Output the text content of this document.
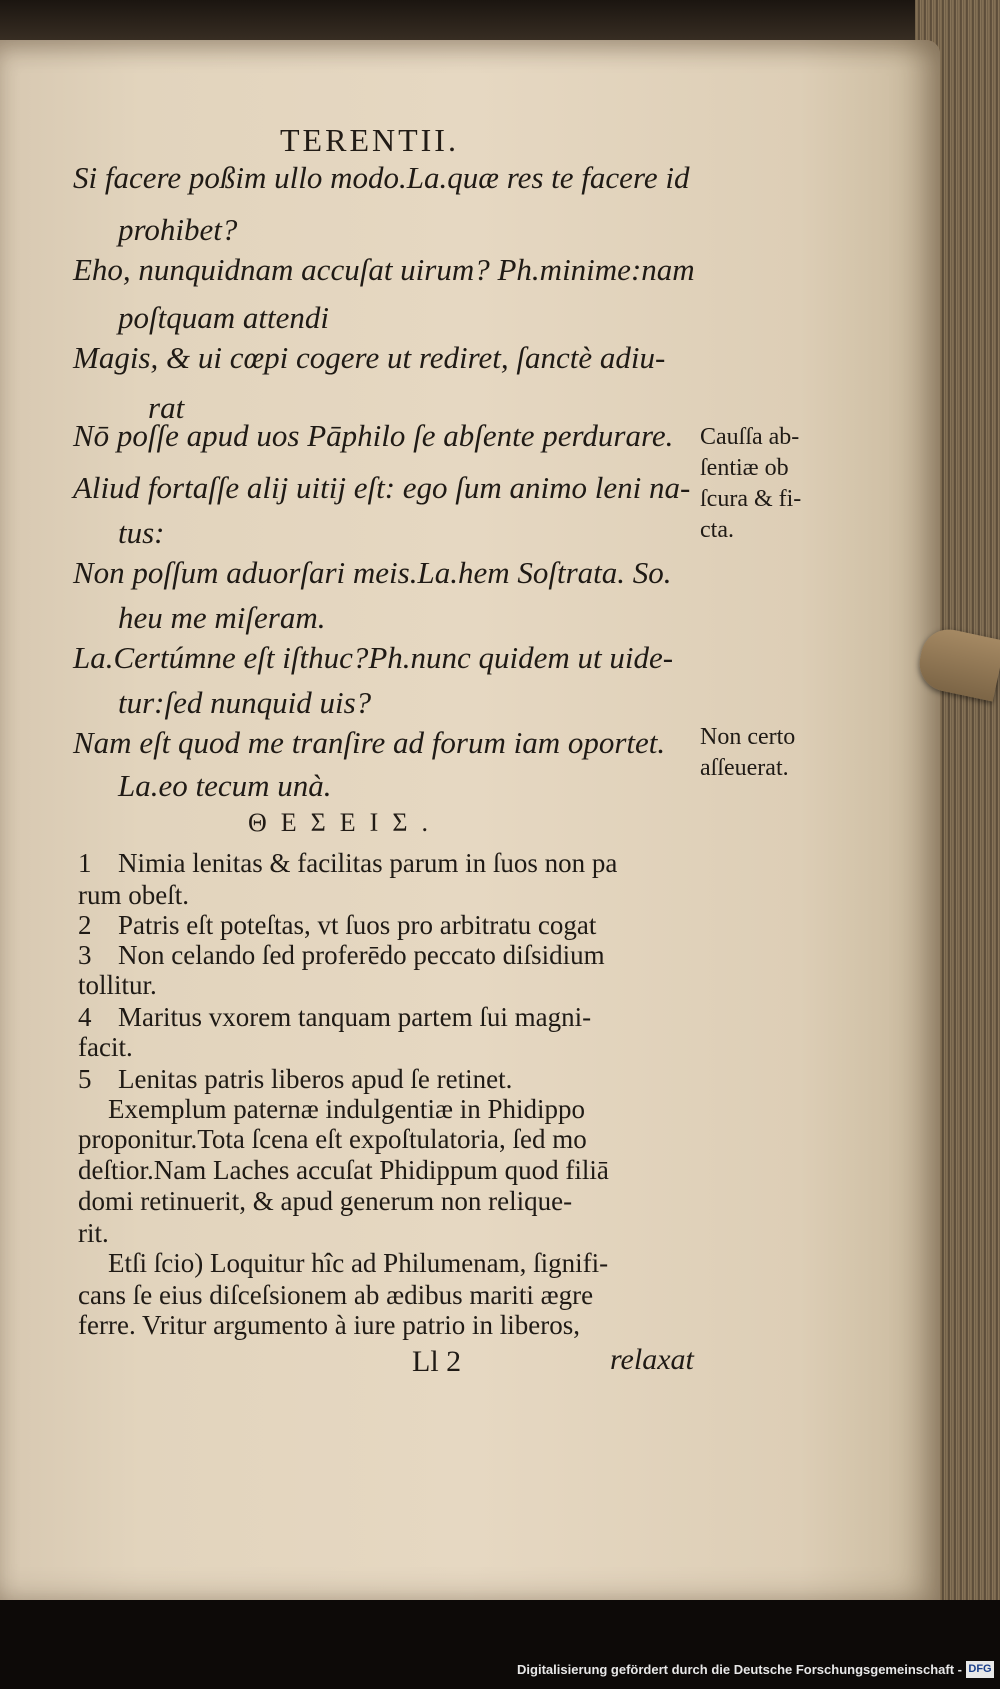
TERENTII.
Si facere poßim ullo modo.La.quæ res te facere id
prohibet?
Eho, nunquidnam accuſat uirum? Ph.minime:nam
poſtquam attendi
Magis, & ui cœpi cogere ut rediret, ſanctè adiu-
rat
Nō poſſe apud uos Pāphilo ſe abſente perdurare.
Aliud fortaſſe alij uitij eſt: ego ſum animo leni na-
tus:
Non poſſum aduorſari meis.La.hem Soſtrata. So.
heu me miſeram.
La.Certúmne eſt iſthuc?Ph.nunc quidem ut uide-
tur:ſed nunquid uis?
Nam eſt quod me tranſire ad forum iam oportet.
La.eo tecum unà.
Cauſſa ab-
ſentiæ ob
ſcura & fi-
cta.
Non certo
aſſeuerat.
ΘΕΣΕΙΣ.
1 Nimia lenitas & facilitas parum in ſuos non pa
rum obeſt.
2 Patris eſt poteſtas, vt ſuos pro arbitratu cogat
3 Non celando ſed proferēdo peccato diſsidium
tollitur.
4 Maritus vxorem tanquam partem ſui magni-
facit.
5 Lenitas patris liberos apud ſe retinet.
Exemplum paternæ indulgentiæ in Phidippo
proponitur.Tota ſcena eſt expoſtulatoria, ſed mo
deſtior.Nam Laches accuſat Phidippum quod filiā
domi retinuerit, & apud generum non relique-
rit.
Etſi ſcio) Loquitur hîc ad Philumenam, ſignifi-
cans ſe eius diſceſsionem ab ædibus mariti ægre
ferre. Vritur argumento à iure patrio in liberos,
Ll 2	relaxat
Digitalisierung gefördert durch die Deutsche Forschungsgemeinschaft - DFG
